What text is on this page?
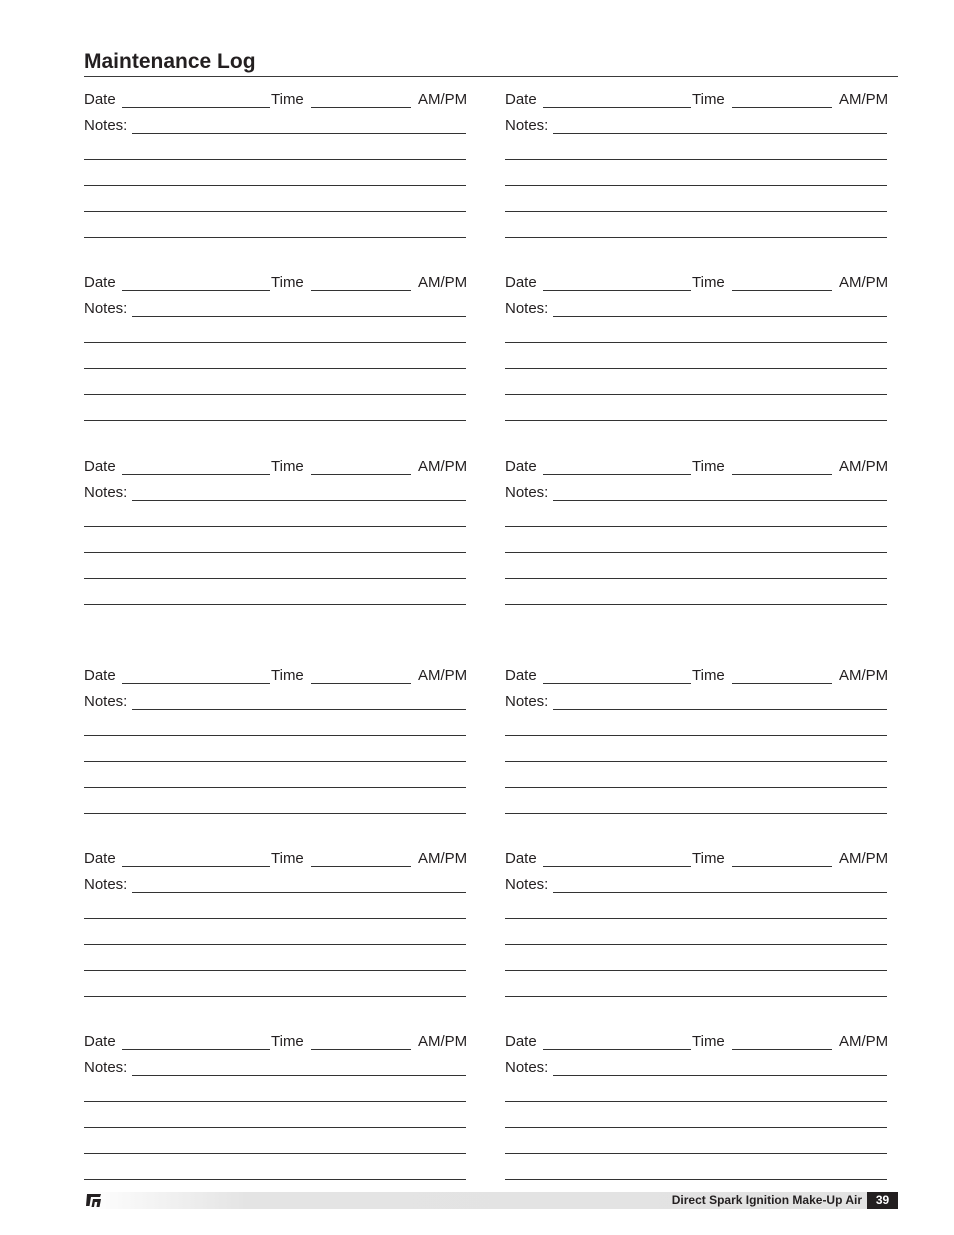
Maintenance Log
Date	Time	AM/PM
Notes:
Date	Time	AM/PM
Notes:
Date	Time	AM/PM
Notes:
Date	Time	AM/PM
Notes:
Date	Time	AM/PM
Notes:
Date	Time	AM/PM
Notes:
Date	Time	AM/PM
Notes:
Date	Time	AM/PM
Notes:
Date	Time	AM/PM
Notes:
Date	Time	AM/PM
Notes:
Date	Time	AM/PM
Notes:
Date	Time	AM/PM
Notes:
Direct Spark Ignition Make-Up Air	39
